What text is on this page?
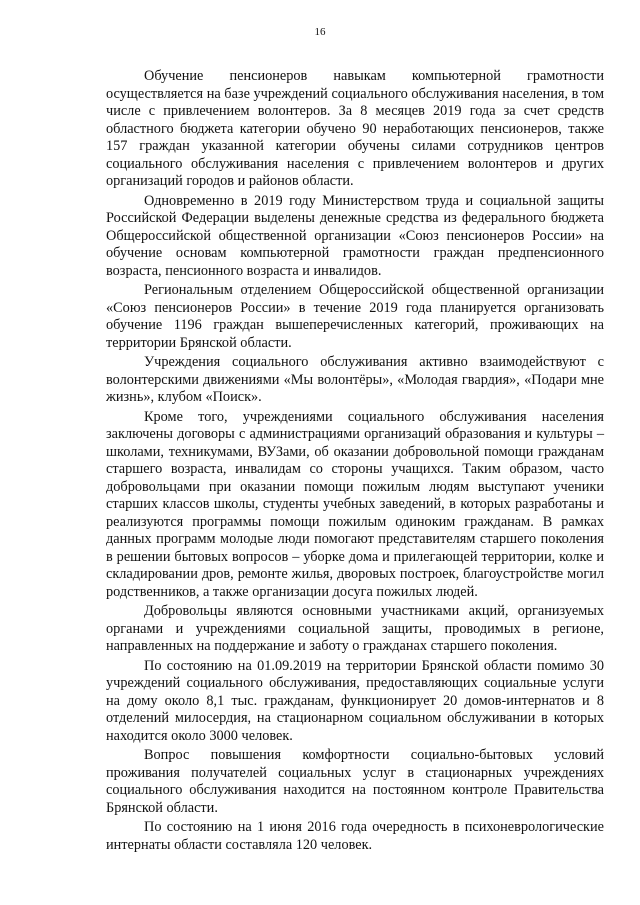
16

Обучение пенсионеров навыкам компьютерной грамотности осуществляется на базе учреждений социального обслуживания населения, в том числе с привлечением волонтеров. За 8 месяцев 2019 года за счет средств областного бюджета категории обучено 90 неработающих пенсионеров, также 157 граждан указанной категории обучены силами сотрудников центров социального обслуживания населения с привлечением волонтеров и других организаций городов и районов области.

Одновременно в 2019 году Министерством труда и социальной защиты Российской Федерации выделены денежные средства из федерального бюджета Общероссийской общественной организации «Союз пенсионеров России» на обучение основам компьютерной грамотности граждан предпенсионного возраста, пенсионного возраста и инвалидов.

Региональным отделением Общероссийской общественной организации «Союз пенсионеров России» в течение 2019 года планируется организовать обучение 1196 граждан вышеперечисленных категорий, проживающих на территории Брянской области.

Учреждения социального обслуживания активно взаимодействуют с волонтерскими движениями «Мы волонтёры», «Молодая гвардия», «Подари мне жизнь», клубом «Поиск».

Кроме того, учреждениями социального обслуживания населения заключены договоры с администрациями организаций образования и культуры – школами, техникумами, ВУЗами, об оказании добровольной помощи гражданам старшего возраста, инвалидам со стороны учащихся. Таким образом, часто добровольцами при оказании помощи пожилым людям выступают ученики старших классов школы, студенты учебных заведений, в которых разработаны и реализуются программы помощи пожилым одиноким гражданам. В рамках данных программ молодые люди помогают представителям старшего поколения в решении бытовых вопросов – уборке дома и прилегающей территории, колке и складировании дров, ремонте жилья, дворовых построек, благоустройстве могил родственников, а также организации досуга пожилых людей.

Добровольцы являются основными участниками акций, организуемых органами и учреждениями социальной защиты, проводимых в регионе, направленных на поддержание и заботу о гражданах старшего поколения.

По состоянию на 01.09.2019 на территории Брянской области помимо 30 учреждений социального обслуживания, предоставляющих социальные услуги на дому около 8,1 тыс. гражданам, функционирует 20 домов-интернатов и 8 отделений милосердия, на стационарном социальном обслуживании в которых находится около 3000 человек.

Вопрос повышения комфортности социально-бытовых условий проживания получателей социальных услуг в стационарных учреждениях социального обслуживания находится на постоянном контроле Правительства Брянской области.

По состоянию на 1 июня 2016 года очередность в психоневрологические интернаты области составляла 120 человек.
